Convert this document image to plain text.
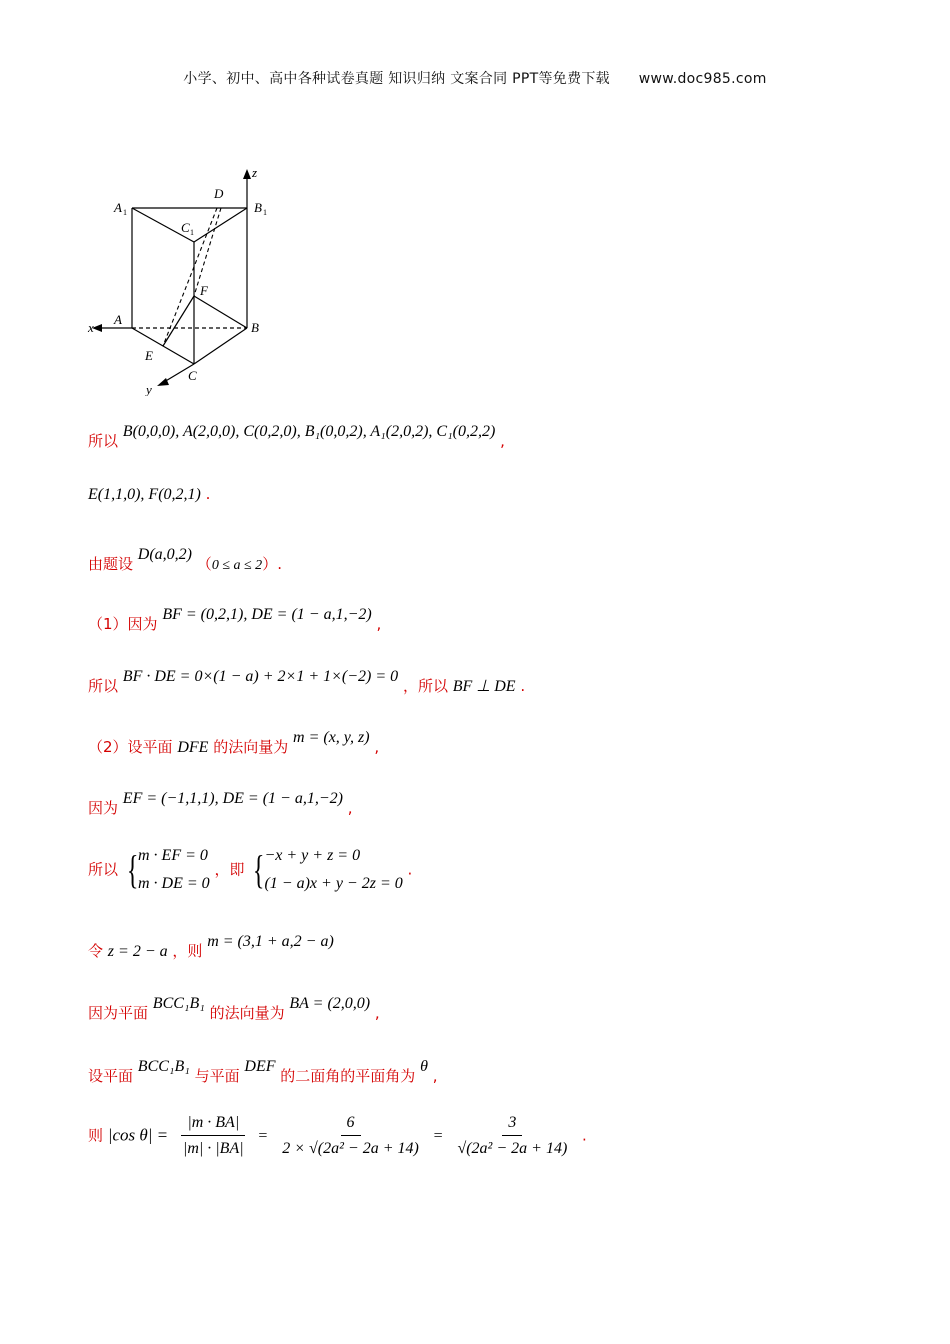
小学、初中、高中各种试卷真题 知识归纳 文案合同 PPT等免费下载 www.doc985.com
z
D
A 1	B 1
C 1
F
x
A
B
E
C
y
所以 B(0,0,0), A(2,0,0), C(0,2,0), B₁(0,0,2), A₁(2,0,2), C₁(0,2,2) ,
E(1,1,0), F(0,2,1) .
由题设 D(a,0,2) （0 ≤ a ≤ 2）.
（1）因为 BF = (0,2,1), DE = (1 − a,1,−2) ,
所以 BF · DE = 0×(1 − a) + 2×1 + 1×(−2) = 0 ，所以 BF ⊥ DE .
（2）设平面 DFE 的法向量为 m = (x, y, z) ,
因为 EF = (−1,1,1), DE = (1 − a,1,−2) ,
所以 { m · EF = 0
m · DE = 0
，即 { −x + y + z = 0
(1 − a)x + y − 2z = 0
.
令 z = 2 − a ，则 m = (3,1 + a,2 − a)
因为平面 BCC₁B₁ 的法向量为 BA = (2,0,0) ,
设平面 BCC₁B₁ 与平面 DEF 的二面角的平面角为 θ ,
则 |cos $\theta| = \frac{|m \cdot BA|}{|m| \cdot |BA|} = \frac{6}{\text{2 × √(2a² − 2a + 14)}} = \frac{3}{\text{√(2a² − 2a + 14)}}$ .
